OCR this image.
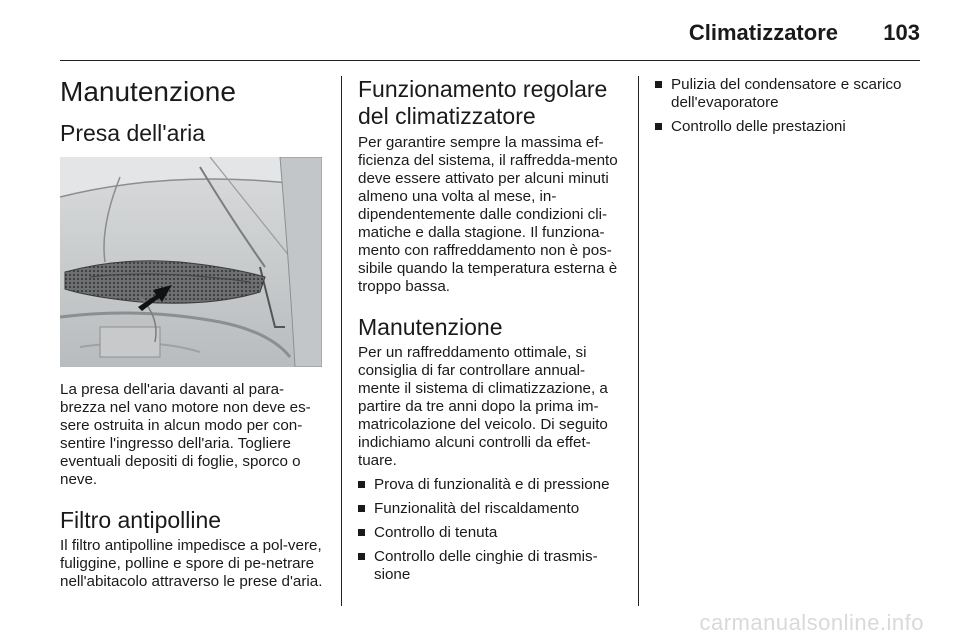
Climatizzatore 103
Manutenzione
Presa dell'aria

La presa dell'aria davanti al para-brezza nel vano motore non deve es-sere ostruita in alcun modo per con-sentire l'ingresso dell'aria. Togliere eventuali depositi di foglie, sporco o neve.

Filtro antipolline

Il filtro antipolline impedisce a pol-vere, fuliggine, polline e spore di pe-netrare nell'abitacolo attraverso le prese d'aria.

Funzionamento regolare del climatizzatore

Per garantire sempre la massima ef-ficienza del sistema, il raffredda-mento deve essere attivato per alcuni minuti almeno una volta al mese, in-dipendentemente dalle condizioni cli-matiche e dalla stagione. Il funziona-mento con raffreddamento non è pos-sibile quando la temperatura esterna è troppo bassa.

Manutenzione

Per un raffreddamento ottimale, si consiglia di far controllare annual-mente il sistema di climatizzazione, a partire da tre anni dopo la prima im-matricolazione del veicolo. Di seguito indichiamo alcuni controlli da effet-tuare.

Prova di funzionalità e di pressione
Funzionalità del riscaldamento
Controllo di tenuta
Controllo delle cinghie di trasmis-sione
Pulizia del condensatore e scarico dell'evaporatore
Controllo delle prestazioni
carmanualsonline.info
